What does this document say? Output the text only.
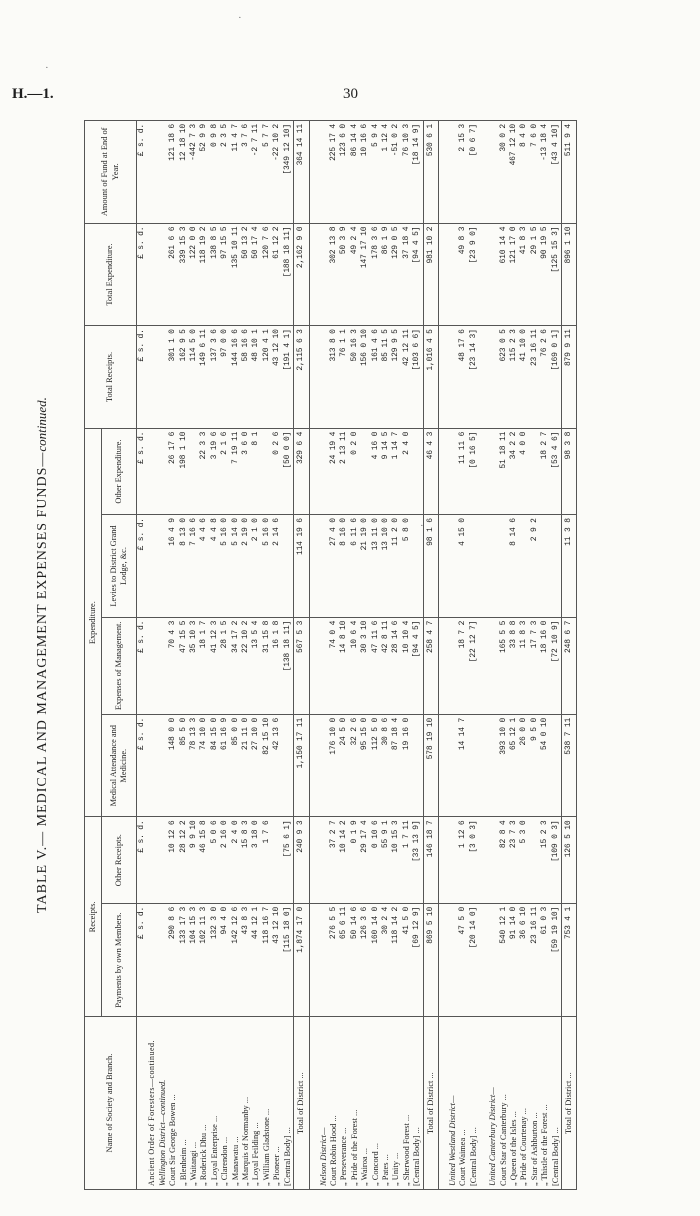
H.—1.	30
·
·
·
TABLE V.— MEDICAL AND MANAGEMENT EXPENSES FUNDS—continued.
Name of Society and Branch.	Receipts.		Expenditure.				Total Receipts.	Total Expenditure.	Amount of Fund at End of Year.
	Payments by own Members.	Other Receipts.	Medical Attendance and Medicine.	Expenses of Management.	Levies to District Grand Lodge, &c.	Other Expenditure.			
	£ s. d.	£ s. d.	£ s. d.	£ s. d.	£ s. d.	£ s. d.	£ s. d.	£ s. d.	£ s. d.
Ancient Order of Foresters—continued.									
Wellington District—continued.									
Court Sir George Bowen ...	290 8 6	10 12 6	148 0 0	70 4 3	16 4 9	26 17 6	301 1 0	261 6 6	121 18 6
„ Blenheim ...	133 17 3	28 12 2	85 5 0	47 15 5	8 13 0	198 1 10	162 9 5	339 15 3	12 18 10
„ Waitangi ...	104 15 3	9 9 10	78 13 3	35 10 3	7 16 6		114 5 0	122 0 0	-442 7 3
„ Roderick Dhu ...	102 11 3	46 15 8	74 10 0	18 1 7	4 4 6	22 3 3	149 6 11	118 19 2	52 9 9
„ Loyal Enterprise ...	132 3 0	5 0 6	84 15 0	41 12 3	4 4 8	3 19 6	137 3 6	138 8 5	0 9 8
„ Clarendon ...	94 4 0	2 16 0	61 16 9	28 1 5	5 16 0	2 1 6	97 0 0	97 15 5	2 3 5
„ Manawatu ...	142 12 6	2 4 0	85 0 0	34 17 2	5 14 0	7 19 11	144 16 6	135 10 11	11 4 7
„ Marquis of Normanby ...	43 8 3	15 8 3	21 11 0	22 10 2	2 19 0	3 6 0	58 16 6	50 13 2	3 7 6
„ Loyal Feilding ...	44 12 1	3 18 0	27 10 0	13 5 4	2 1 0	8 1	48 10 1	50 17 4	-2 7 11
„ William Gladstone ...	118 16 7	1 7 6	82 15 10	31 15 8	5 16 0		120 4 1	120 7 6	5 7 7
„ Pioneer ...	43 12 10		42 13 6	16 1 8	2 14 6	0 2 6	43 12 10	61 12 2	-22 10 2
[Central Body] ...	[115 18 0]	[75 6 1]		[138 18 11]		[50 0 0]	[191 4 1]	[188 18 11]	[349 12 10]
Total of District ...	1,874 17 0	240 9 3	1,150 17 11	567 5 3	114 19 6	329 6 4	2,115 6 3	2,162 9 0	364 14 11

Nelson District—									
Court Robin Hood ...	276 5 5	37 2 7	176 10 0	74 0 4	27 4 0	24 19 4	313 8 0	302 13 8	225 17 4
„ Perseverance ...	65 6 11	10 14 2	24 5 0	14 8 10	8 16 0	2 13 11	76 1 1	50 3 9	123 6 0
„ Pride of the Forest ...	50 14 6	0 1 9	32 2 6	10 6 4	6 11 6	0 2 0	50 16 3	49 2 4	86 14 4
„ Wairoa ...	126 3 6	29 17 4	95 15 0	30 3 10	21 19 0		156 0 10	147 17 10	10 16 6
„ Concord ...	160 14 0	0 10 6	112 5 0	47 11 6	13 11 0	4 16 0	161 4 6	178 3 6	5 9 4
„ Pates ...	30 2 4	55 9 1	30 8 6	42 8 11	13 10 0	9 14 5	85 11 5	86 1 9	1 12 4
„ Unity ...	118 14 2	10 15 3	87 18 4	28 14 6	11 2 0	1 14 7	129 9 5	129 0 5	-51 0 2
„ Sherwood Forest ...	41 5 0	1 7 11	19 16 0	10 10 4	5 8 0	2 4 0	42 12 11	37 18 4	76 10 3
[Central Body] ...	[69 12 9]	[33 13 9]		[94 4 5]			[103 6 6]	[94 4 5]	[18 14 9]
Total of District ...	869 5 10	146 18 7	578 19 10	258 4 7	98 1 6	46 4 3	1,016 4 5	981 10 2	530 6 1

United Westland District—									
Court Waimea ...	47 5 0	1 12 6	14 14 7	18 7 2	4 15 0	11 11 6	48 17 6	49 8 3	2 15 3
[Central Body] ...	[20 14 0]	[3 0 3]		[22 12 7]		[0 16 5]	[23 14 3]	[23 9 0]	[0 6 7]

United Canterbury District—									
Court Star of Canterbury ...	540 12 1	82 8 4	393 10 0	165 5 5		51 18 11	623 0 5	610 14 4	30 0 2
„ Queen of the Isles ...	91 14 0	23 7 3	65 12 1	33 8 8	8 14 6	34 2 2	115 2 3	121 17 0	467 12 10
„ Pride of Courtenay ...	36 6 10	5 3 0	26 0 0	11 8 3		4 0 0	41 10 0	41 8 3	8 4 0
„ Star of Ashburton ...	23 16 11		9 5 0	17 7 3	2 9 2		23 16 11	29 1 5	7 6 0
„ Thistle of the Forest ...	61 0 3	15 2 3	54 0 10	18 16 0		18 2 7	76 2 6	90 19 5	-13 18 4
[Central Body] ...	[59 19 10]	[109 0 3]		[72 10 9]		[53 4 6]	[169 0 1]	[125 15 3]	[43 4 10]
Total of District ...	753 4 1	126 5 10	538 7 11	248 6 7	11 3 8	98 3 8	879 9 11	896 1 10	511 9 4
